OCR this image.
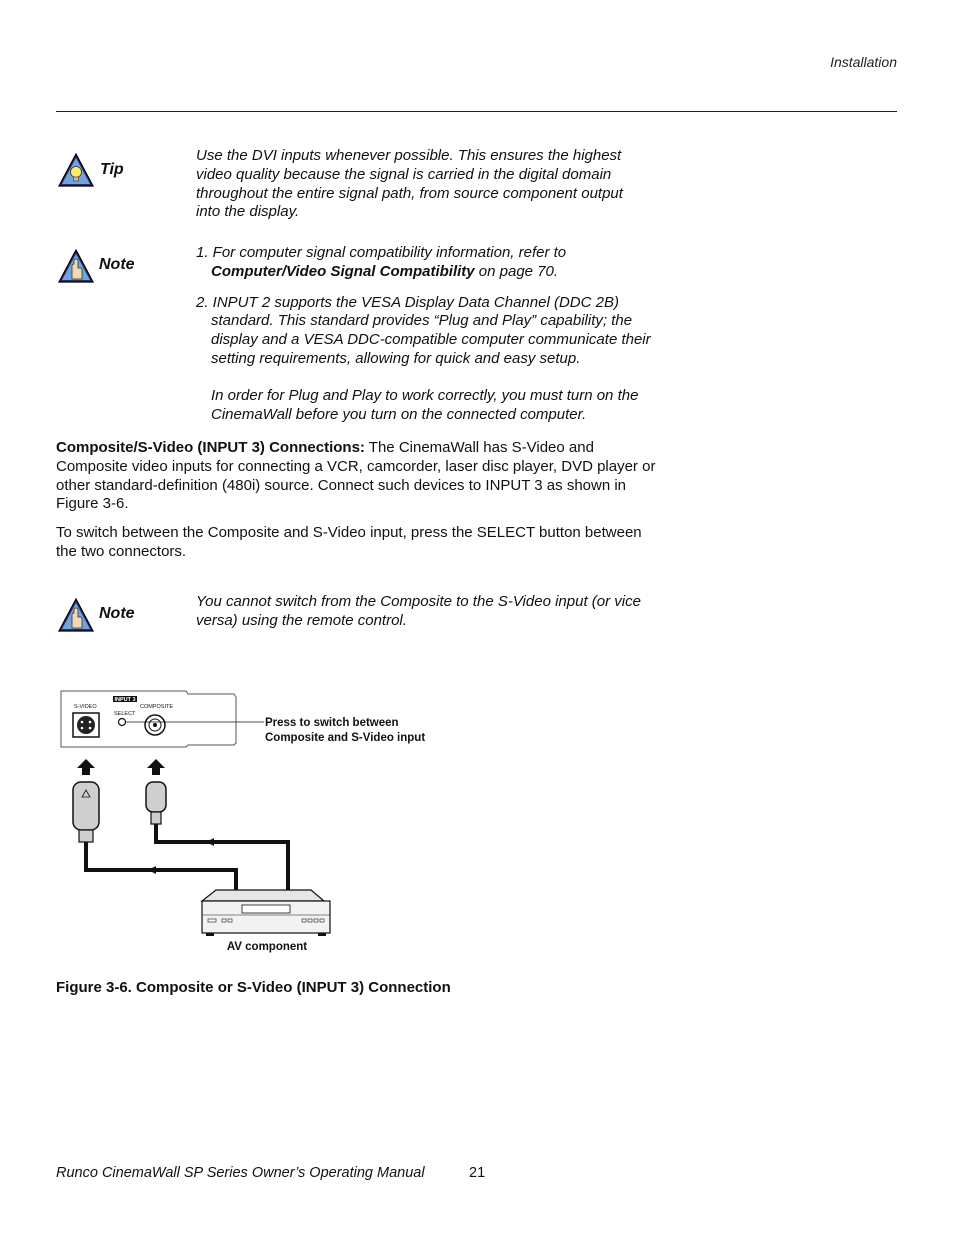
Installation
Tip
Use the DVI inputs whenever possible. This ensures the highest video quality because the signal is carried in the digital domain throughout the entire signal path, from source component output into the display.
Note

1. For computer signal compatibility information, refer to
Computer/Video Signal Compatibility on page 70.

2. INPUT 2 supports the VESA Display Data Channel (DDC 2B) standard. This standard provides “Plug and Play” capability; the display and a VESA DDC-compatible computer communicate their setting requirements, allowing for quick and easy setup.

In order for Plug and Play to work correctly, you must turn on the CinemaWall before you turn on the connected computer.

Composite/S-Video (INPUT 3) Connections: The CinemaWall has S-Video and Composite video inputs for connecting a VCR, camcorder, laser disc player, DVD player or other standard-definition (480i) source. Connect such devices to INPUT 3 as shown in Figure 3-6.

To switch between the Composite and S-Video input, press the SELECT button between the two connectors.

Note
You cannot switch from the Composite to the S-Video input (or vice versa) using the remote control.
INPUT 3
S-VIDEO
SELECT
COMPOSITE
Press to switch between
Composite and S-Video input
AV component
Figure 3-6. Composite or S-Video (INPUT 3) Connection
Runco CinemaWall SP Series Owner’s Operating Manual	21
